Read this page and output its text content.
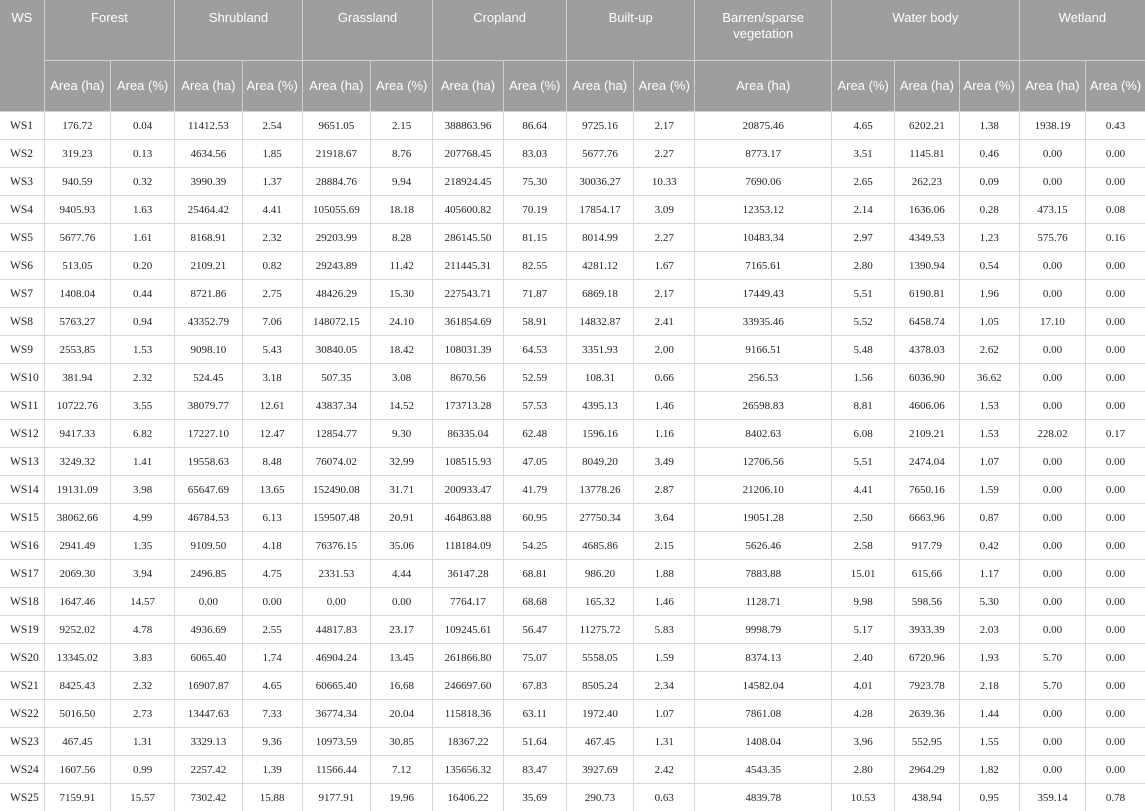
WS	Forest		Shrubland		Grassland		Cropland		Built-up		Barren/sparse vegetation	Water body			Wetland	
	Area (ha)	Area (%)	Area (ha)	Area (%)	Area (ha)	Area (%)	Area (ha)	Area (%)	Area (ha)	Area (%)	Area (ha)	Area (%)	Area (ha)	Area (%)	Area (ha)	Area (%)
WS1	176.72	0.04	11412.53	2.54	9651.05	2.15	388863.96	86.64	9725.16	2.17	20875.46	4.65	6202.21	1.38	1938.19	0.43
WS2	319.23	0.13	4634.56	1.85	21918.67	8.76	207768.45	83.03	5677.76	2.27	8773.17	3.51	1145.81	0.46	0.00	0.00
WS3	940.59	0.32	3990.39	1.37	28884.76	9.94	218924.45	75.30	30036.27	10.33	7690.06	2.65	262.23	0.09	0.00	0.00
WS4	9405.93	1.63	25464.42	4.41	105055.69	18.18	405600.82	70.19	17854.17	3.09	12353.12	2.14	1636.06	0.28	473.15	0.08
WS5	5677.76	1.61	8168.91	2.32	29203.99	8.28	286145.50	81.15	8014.99	2.27	10483.34	2.97	4349.53	1.23	575.76	0.16
WS6	513.05	0.20	2109.21	0.82	29243.89	11.42	211445.31	82.55	4281.12	1.67	7165.61	2.80	1390.94	0.54	0.00	0.00
WS7	1408.04	0.44	8721.86	2.75	48426.29	15.30	227543.71	71.87	6869.18	2.17	17449.43	5.51	6190.81	1.96	0.00	0.00
WS8	5763.27	0.94	43352.79	7.06	148072.15	24.10	361854.69	58.91	14832.87	2.41	33935.46	5.52	6458.74	1.05	17.10	0.00
WS9	2553.85	1.53	9098.10	5.43	30840.05	18.42	108031.39	64.53	3351.93	2.00	9166.51	5.48	4378.03	2.62	0.00	0.00
WS10	381.94	2.32	524.45	3.18	507.35	3.08	8670.56	52.59	108.31	0.66	256.53	1.56	6036.90	36.62	0.00	0.00
WS11	10722.76	3.55	38079.77	12.61	43837.34	14.52	173713.28	57.53	4395.13	1.46	26598.83	8.81	4606.06	1.53	0.00	0.00
WS12	9417.33	6.82	17227.10	12.47	12854.77	9.30	86335.04	62.48	1596.16	1.16	8402.63	6.08	2109.21	1.53	228.02	0.17
WS13	3249.32	1.41	19558.63	8.48	76074.02	32.99	108515.93	47.05	8049.20	3.49	12706.56	5.51	2474.04	1.07	0.00	0.00
WS14	19131.09	3.98	65647.69	13.65	152490.08	31.71	200933.47	41.79	13778.26	2.87	21206.10	4.41	7650.16	1.59	0.00	0.00
WS15	38062.66	4.99	46784.53	6.13	159507.48	20.91	464863.88	60.95	27750.34	3.64	19051.28	2.50	6663.96	0.87	0.00	0.00
WS16	2941.49	1.35	9109.50	4.18	76376.15	35.06	118184.09	54.25	4685.86	2.15	5626.46	2.58	917.79	0.42	0.00	0.00
WS17	2069.30	3.94	2496.85	4.75	2331.53	4.44	36147.28	68.81	986.20	1.88	7883.88	15.01	615.66	1.17	0.00	0.00
WS18	1647.46	14.57	0.00	0.00	0.00	0.00	7764.17	68.68	165.32	1.46	1128.71	9.98	598.56	5.30	0.00	0.00
WS19	9252.02	4.78	4936.69	2.55	44817.83	23.17	109245.61	56.47	11275.72	5.83	9998.79	5.17	3933.39	2.03	0.00	0.00
WS20	13345.02	3.83	6065.40	1.74	46904.24	13.45	261866.80	75.07	5558.05	1.59	8374.13	2.40	6720.96	1.93	5.70	0.00
WS21	8425.43	2.32	16907.87	4.65	60665.40	16.68	246697.60	67.83	8505.24	2.34	14582.04	4.01	7923.78	2.18	5.70	0.00
WS22	5016.50	2.73	13447.63	7.33	36774.34	20.04	115818.36	63.11	1972.40	1.07	7861.08	4.28	2639.36	1.44	0.00	0.00
WS23	467.45	1.31	3329.13	9.36	10973.59	30.85	18367.22	51.64	467.45	1.31	1408.04	3.96	552.95	1.55	0.00	0.00
WS24	1607.56	0.99	2257.42	1.39	11566.44	7.12	135656.32	83.47	3927.69	2.42	4543.35	2.80	2964.29	1.82	0.00	0.00
WS25	7159.91	15.57	7302.42	15.88	9177.91	19.96	16406.22	35.69	290.73	0.63	4839.78	10.53	438.94	0.95	359.14	0.78
